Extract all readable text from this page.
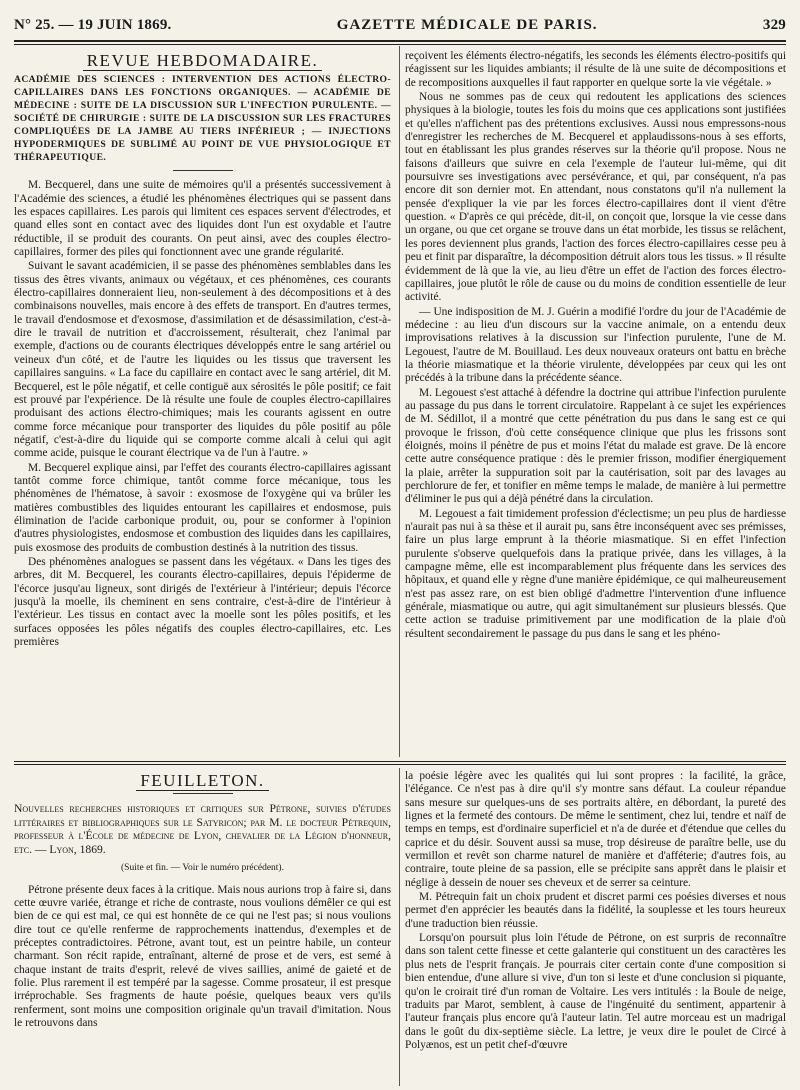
N° 25. — 19 JUIN 1869.	GAZETTE MÉDICALE DE PARIS.	329
REVUE HEBDOMADAIRE.
ACADÉMIE DES SCIENCES : INTERVENTION DES ACTIONS ÉLECTRO-CAPILLAIRES DANS LES FONCTIONS ORGANIQUES. — ACADÉMIE DE MÉDECINE : SUITE DE LA DISCUSSION SUR L'INFECTION PURULENTE. — SOCIÉTÉ DE CHIRURGIE : SUITE DE LA DISCUSSION SUR LES FRACTURES COMPLIQUÉES DE LA JAMBE AU TIERS INFÉRIEUR ; — INJECTIONS HYPODERMIQUES DE SUBLIMÉ AU POINT DE VUE PHYSIOLOGIQUE ET THÉRAPEUTIQUE.

M. Becquerel, dans une suite de mémoires qu'il a présentés successivement à l'Académie des sciences, a étudié les phénomènes électriques qui se passent dans les espaces capillaires. Les parois qui limitent ces espaces servent d'électrodes, et quand elles sont en contact avec des liquides dont l'un est oxydable et l'autre réductible, il se produit des courants. On peut ainsi, avec des couples électro-capillaires, former des piles qui fonctionnent avec une grande régularité.

Suivant le savant académicien, il se passe des phénomènes semblables dans les tissus des êtres vivants, animaux ou végétaux, et ces phénomènes, ces courants électro-capillaires donneraient lieu, non-seulement à des décompositions et à des combinaisons nouvelles, mais encore à des effets de transport. En d'autres termes, le travail d'endosmose et d'exosmose, d'assimilation et de désassimilation, c'est-à-dire le travail de nutrition et d'accroissement, résulterait, chez l'animal par exemple, d'actions ou de courants électriques développés entre le sang artériel ou veineux d'un côté, et de l'autre les liquides ou les tissus que traversent les capillaires sanguins. « La face du capillaire en contact avec le sang artériel, dit M. Becquerel, est le pôle négatif, et celle contiguë aux sérosités le pôle positif; ce fait est prouvé par l'expérience. De là résulte une foule de couples électro-capillaires produisant des actions électro-chimiques; mais les courants agissent en outre comme force mécanique pour transporter des liquides du pôle positif au pôle négatif, c'est-à-dire du liquide qui se comporte comme alcali à celui qui agit comme acide, puisque le courant électrique va de l'un à l'autre. »

M. Becquerel explique ainsi, par l'effet des courants électro-capillaires agissant tantôt comme force chimique, tantôt comme force mécanique, tous les phénomènes de l'hématose, à savoir : exosmose de l'oxygène qui va brûler les matières combustibles des liquides entourant les capillaires et endosmose, puis élimination de l'acide carbonique produit, ou, pour se conformer à l'opinion d'autres physiologistes, endosmose et combustion des liquides dans les capillaires, puis exosmose des produits de combustion destinés à la nutrition des tissus.

Des phénomènes analogues se passent dans les végétaux. « Dans les tiges des arbres, dit M. Becquerel, les courants électro-capillaires, depuis l'épiderme de l'écorce jusqu'au ligneux, sont dirigés de l'extérieur à l'intérieur; depuis l'écorce jusqu'à la moelle, ils cheminent en sens contraire, c'est-à-dire de l'intérieur à l'extérieur. Les tissus en contact avec la moelle sont les pôles positifs, et les surfaces opposées les pôles négatifs des couples électro-capillaires, etc. Les premières

reçoivent les éléments électro-négatifs, les seconds les éléments électro-positifs qui réagissent sur les liquides ambiants; il résulte de là une suite de décompositions et de recompositions auxquelles il faut rapporter en quelque sorte la vie végétale. »

Nous ne sommes pas de ceux qui redoutent les applications des sciences physiques à la biologie, toutes les fois du moins que ces applications sont justifiées et qu'elles n'affichent pas des prétentions exclusives. Aussi nous empressons-nous d'enregistrer les recherches de M. Becquerel et applaudissons-nous à ses efforts, tout en établissant les plus grandes réserves sur la théorie qu'il propose. Nous ne faisons d'ailleurs que suivre en cela l'exemple de l'auteur lui-même, qui dit poursuivre ses investigations avec persévérance, et qui, par conséquent, n'a pas encore dit son dernier mot. En attendant, nous constatons qu'il n'a nullement la pensée d'expliquer la vie par les forces électro-capillaires dont il vient d'être question. « D'après ce qui précède, dit-il, on conçoit que, lorsque la vie cesse dans un organe, ou que cet organe se trouve dans un état morbide, les tissus se relâchent, les pores deviennent plus grands, l'action des forces électro-capillaires cesse peu à peu et finit par disparaître, la décomposition détruit alors tous les tissus. » Il résulte évidemment de là que la vie, au lieu d'être un effet de l'action des forces électro-capillaires, joue plutôt le rôle de cause ou du moins de condition essentielle de leur activité.

— Une indisposition de M. J. Guérin a modifié l'ordre du jour de l'Académie de médecine : au lieu d'un discours sur la vaccine animale, on a entendu deux improvisations relatives à la discussion sur l'infection purulente, l'une de M. Legouest, l'autre de M. Bouillaud. Les deux nouveaux orateurs ont battu en brèche la théorie miasmatique et la théorie virulente, développées par ceux qui les ont précédés à la tribune dans la précédente séance.

M. Legouest s'est attaché à défendre la doctrine qui attribue l'infection purulente au passage du pus dans le torrent circulatoire. Rappelant à ce sujet les expériences de M. Sédillot, il a montré que cette pénétration du pus dans le sang est ce qui provoque le frisson, d'où cette conséquence clinique que plus les frissons sont éloignés, moins il pénètre de pus et moins l'état du malade est grave. De là encore cette autre conséquence pratique : dès le premier frisson, modifier énergiquement la plaie, arrêter la suppuration soit par la cautérisation, soit par des lavages au perchlorure de fer, et tonifier en même temps le malade, de manière à lui permettre d'éliminer le pus qui a déjà pénétré dans la circulation.

M. Legouest a fait timidement profession d'éclectisme; un peu plus de hardiesse n'aurait pas nui à sa thèse et il aurait pu, sans être inconséquent avec ses prémisses, faire un plus large emprunt à la théorie miasmatique. Si en effet l'infection purulente s'observe quelquefois dans la pratique privée, dans les villages, à la campagne même, elle est incomparablement plus fréquente dans les services des hôpitaux, et quand elle y règne d'une manière épidémique, ce qui malheureusement n'est pas assez rare, on est bien obligé d'admettre l'intervention d'une influence générale, miasmatique ou autre, qui agit simultanément sur plusieurs blessés. Que cette action se traduise primitivement par une modification de la plaie d'où résultent secondairement le passage du pus dans le sang et les phéno-

FEUILLETON.
Nouvelles recherches historiques et critiques sur Pétrone, suivies d'études littéraires et bibliographiques sur le Satyricon; par M. le docteur Pétrequin, professeur à l'École de médecine de Lyon, chevalier de la Légion d'honneur, etc. — Lyon, 1869.
(Suite et fin. — Voir le numéro précédent).

Pétrone présente deux faces à la critique. Mais nous aurions trop à faire si, dans cette œuvre variée, étrange et riche de contraste, nous voulions démêler ce qui est bien de ce qui est mal, ce qui est honnête de ce qui ne l'est pas; si nous voulions dire tout ce qu'elle renferme de rapprochements inattendus, d'exemples et de préceptes contradictoires. Pétrone, avant tout, est un peintre habile, un conteur charmant. Son récit rapide, entraînant, alterné de prose et de vers, est semé à chaque instant de traits d'esprit, relevé de vives saillies, animé de gaieté et de folie. Plus rarement il est tempéré par la sagesse. Comme prosateur, il est presque irréprochable. Ses fragments de haute poésie, quelques beaux vers qu'ils renferment, sont moins une composition originale qu'un travail d'imitation. Nous le retrouvons dans

la poésie légère avec les qualités qui lui sont propres : la facilité, la grâce, l'élégance. Ce n'est pas à dire qu'il s'y montre sans défaut. La couleur répandue sans mesure sur quelques-uns de ses portraits altère, en débordant, la pureté des lignes et la fermeté des contours. De même le sentiment, chez lui, tendre et naïf de temps en temps, est d'ordinaire superficiel et n'a de durée et d'étendue que celles du caprice et du désir. Souvent aussi sa muse, trop désireuse de paraître belle, use du vermillon et revêt son charme naturel de manière et d'afféterie; d'autres fois, au contraire, toute pleine de sa passion, elle se précipite sans apprêt dans le plaisir et néglige à dessein de nouer ses cheveux et de serrer sa ceinture.

M. Pétrequin fait un choix prudent et discret parmi ces poésies diverses et nous permet d'en apprécier les beautés dans la fidélité, la souplesse et les tours heureux d'une traduction bien réussie.

Lorsqu'on poursuit plus loin l'étude de Pétrone, on est surpris de reconnaître dans son talent cette finesse et cette galanterie qui constituent un des caractères les plus nets de l'esprit français. Je pourrais citer certain conte d'une composition si bien entendue, d'une allure si vive, d'un ton si leste et d'une conclusion si piquante, qu'on le croirait tiré d'un roman de Voltaire. Les vers intitulés : la Boule de neige, traduits par Marot, semblent, à cause de l'ingénuité du sentiment, appartenir à l'auteur français plus encore qu'à l'auteur latin. Tel autre morceau est un madrigal dans le goût du dix-septième siècle. La lettre, je veux dire le poulet de Circé à Polyænos, est un petit chef-d'œuvre
